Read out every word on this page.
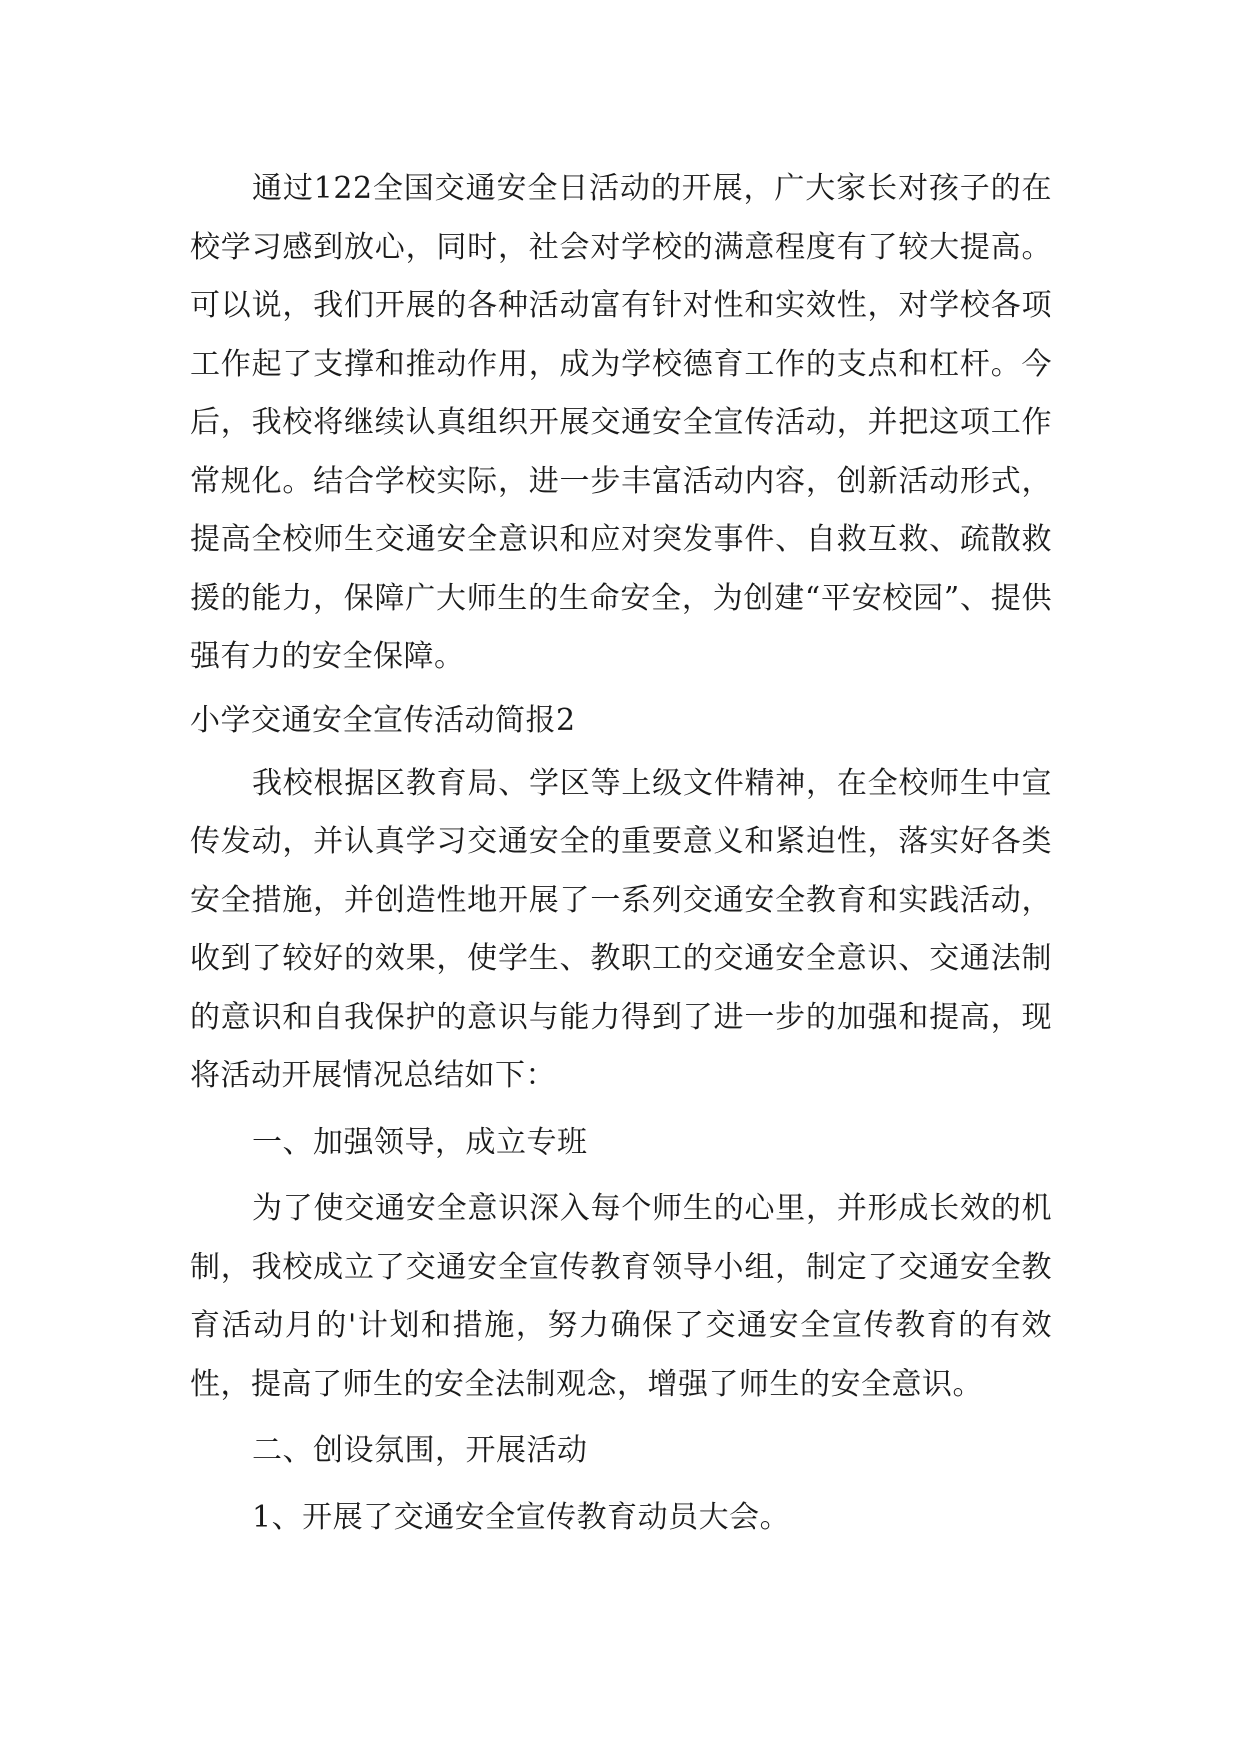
通过122全国交通安全日活动的开展，广大家长对孩子的在校学习感到放心，同时，社会对学校的满意程度有了较大提高。可以说，我们开展的各种活动富有针对性和实效性，对学校各项工作起了支撑和推动作用，成为学校德育工作的支点和杠杆。今后，我校将继续认真组织开展交通安全宣传活动，并把这项工作常规化。结合学校实际，进一步丰富活动内容，创新活动形式，提高全校师生交通安全意识和应对突发事件、自救互救、疏散救援的能力，保障广大师生的生命安全，为创建“平安校园”、提供强有力的安全保障。

小学交通安全宣传活动简报2

我校根据区教育局、学区等上级文件精神，在全校师生中宣传发动，并认真学习交通安全的重要意义和紧迫性，落实好各类安全措施，并创造性地开展了一系列交通安全教育和实践活动，收到了较好的效果，使学生、教职工的交通安全意识、交通法制的意识和自我保护的意识与能力得到了进一步的加强和提高，现将活动开展情况总结如下：

一、加强领导，成立专班

为了使交通安全意识深入每个师生的心里，并形成长效的机制，我校成立了交通安全宣传教育领导小组，制定了交通安全教育活动月的'计划和措施，努力确保了交通安全宣传教育的有效性，提高了师生的安全法制观念，增强了师生的安全意识。

二、创设氛围，开展活动

1、开展了交通安全宣传教育动员大会。
